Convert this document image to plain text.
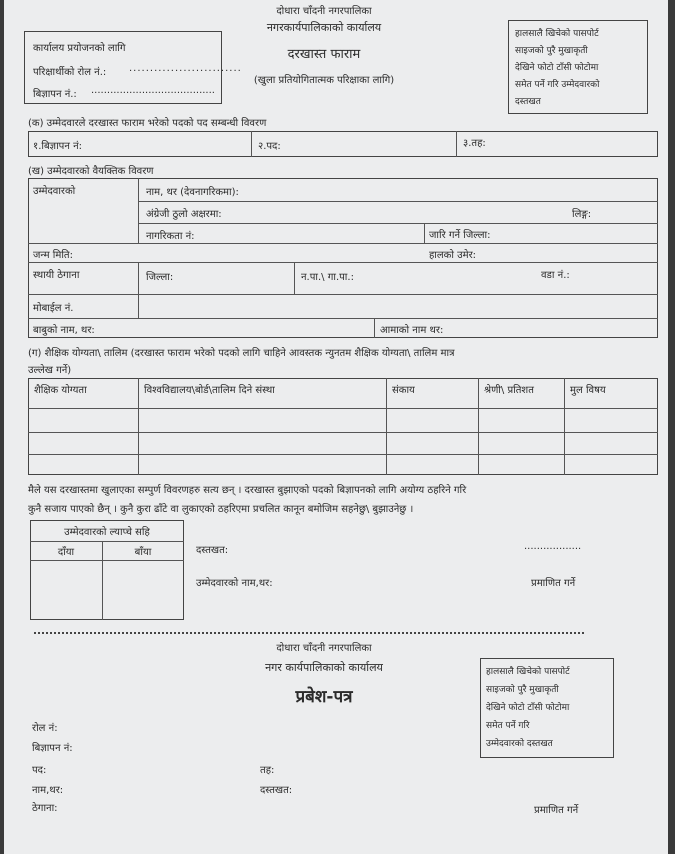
दोधारा चाँदनी नगरपालिका
नगरकार्यपालिकाको कार्यालय
दरखास्त फाराम
(खुला प्रतियोगितात्मक परिक्षाका लागि)
कार्यालय प्रयोजनको लागि
परिक्षार्थीको रोल नं.: ...........................
बिज्ञापन नं.: .......................................
हालसालै खिचेको पासपोर्ट
साइजको पुरै मुखाकृती
देखिने फोटो टाँसी फोटोमा
समेत पर्ने गरि उम्मेदवारको
दस्तखत
(क) उम्मेदवारले दरखास्त फाराम भरेको पदको पद सम्बन्धी विवरण
१.बिज्ञापन नं:	२.पद:	३.तह:
(ख) उम्मेदवारको वैयक्तिक विवरण
उम्मेदवारको	नाम, थर (देवनागरिकमा):
अंग्रेजी ठुलो अक्षरमा:	लिङ्ग:
नागरिकता नं:	जारि गर्ने जिल्ला:
जन्म मिति:	हालको उमेर:
स्थायी ठेगाना	जिल्ला:	न.पा.\ गा.पा.:	वडा नं.:
मोबाईल नं.
बाबुको नाम, थर:	आमाको नाम थर:
(ग) शैक्षिक योग्यता\ तालिम (दरखास्त फाराम भरेको पदको लागि चाहिने आवस्तक न्युनतम शैक्षिक योग्यता\ तालिम मात्र
उल्लेख गर्ने)
शैक्षिक योग्यता	विश्वविद्यालय\बोर्ड\तालिम दिने संस्था	संकाय	श्रेणी\ प्रतिशत	मुल विषय
मैले यस दरखास्तमा खुलाएका सम्पुर्ण विवरणहरु सत्य छन् । दरखास्त बुझाएको पदको बिज्ञापनको लागि अयोग्य ठहरिने गरि
कुनै सजाय पाएको छैन् । कुनै कुरा ढाँटे वा लुकाएको ठहरिएमा प्रचलित कानून बमोजिम सहनेछु\ बुझाउनेछु ।
उम्मेदवारको ल्याप्चे सहि
दाँया	बाँया	दस्तखत:	..................
उम्मेदवारको नाम,थर:	प्रमाणित गर्ने
दोधारा चाँदनी नगरपालिका
नगर कार्यपालिकाको कार्यालय
प्रबेश-पत्र
हालसालै खिचेको पासपोर्ट
साइजको पुरै मुखाकृती
देखिने फोटो टाँसी फोटोमा
समेत पर्ने गरि
उम्मेदवारको दस्तखत
रोल नं:
बिज्ञापन नं:
पद:	तह:
नाम,थर:	दस्तखत:
ठेगाना:	प्रमाणित गर्ने
